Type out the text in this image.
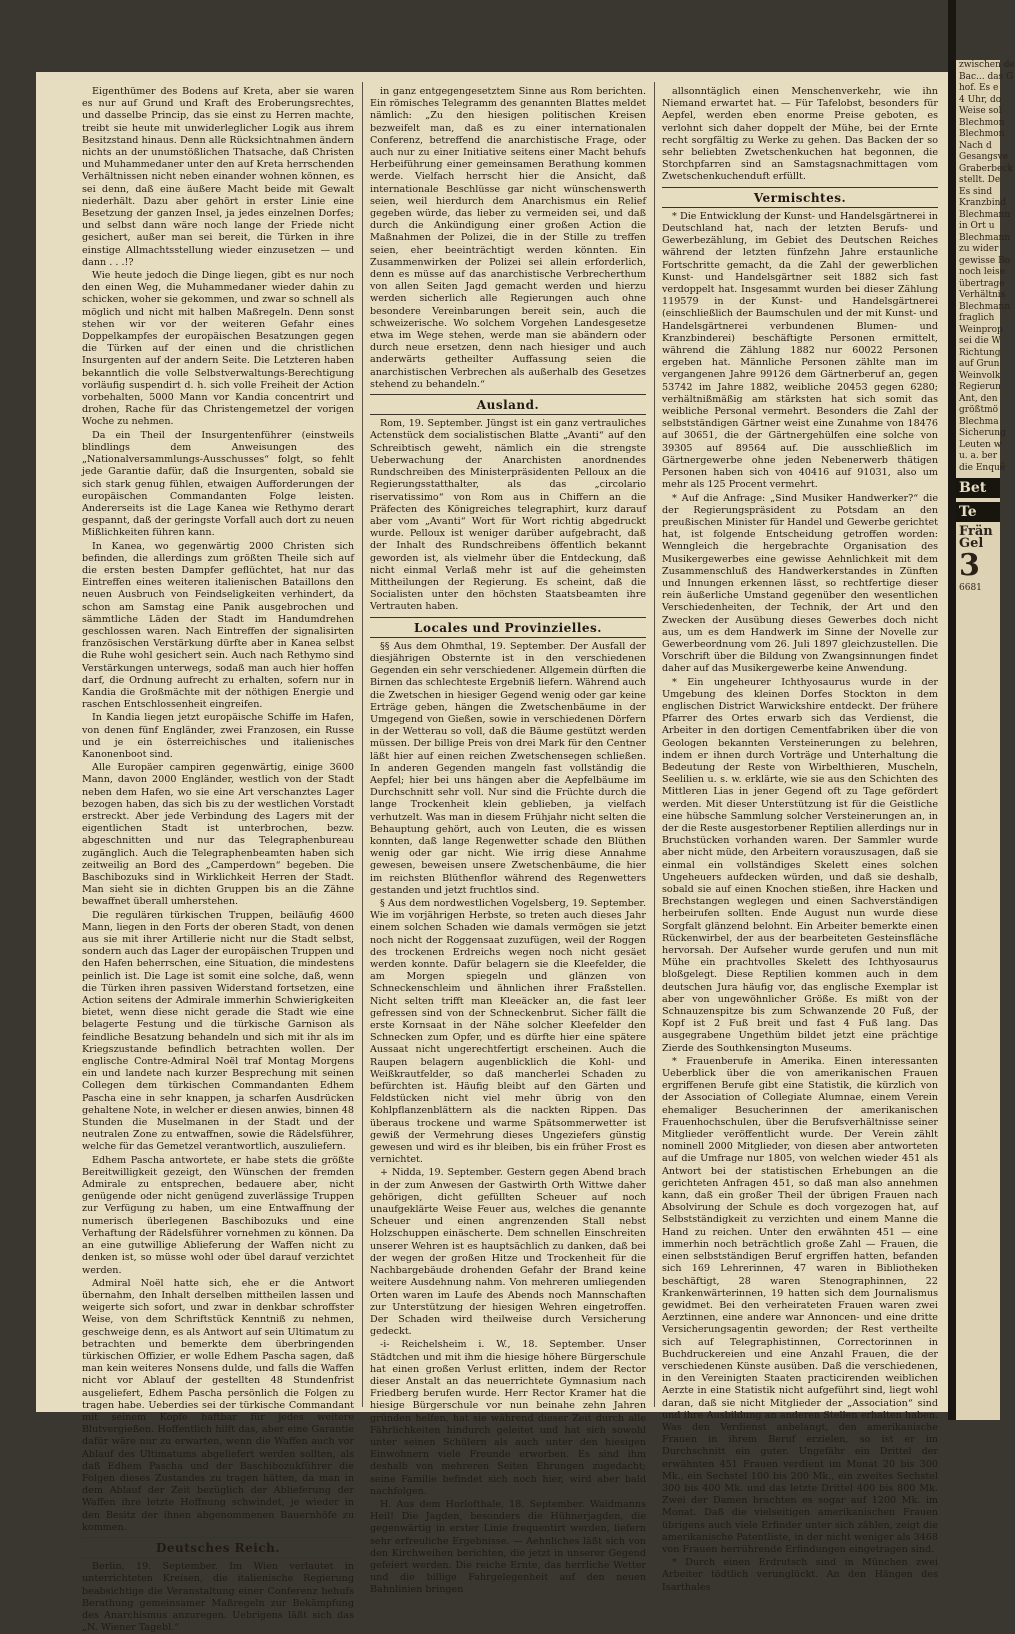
Eigenthümer des Bodens auf Kreta, aber sie waren es nur auf Grund und Kraft des Eroberungsrechtes, und dasselbe Princip, das sie einst zu Herren machte, treibt sie heute mit unwiderleglicher Logik aus ihrem Besitzstand hinaus. Denn alle Rücksichtnahmen ändern nichts an der unumstößlichen Thatsache, daß Christen und Muhammedaner unter den auf Kreta herrschenden Verhältnissen nicht neben einander wohnen können, es sei denn, daß eine äußere Macht beide mit Gewalt niederhält. Dazu aber gehört in erster Linie eine Besetzung der ganzen Insel, ja jedes einzelnen Dorfes; und selbst dann wäre noch lange der Friede nicht gesichert, außer man sei bereit, die Türken in ihre einstige Allmachtsstellung wieder einzusetzen — und dann . . .!?

Wie heute jedoch die Dinge liegen, gibt es nur noch den einen Weg, die Muhammedaner wieder dahin zu schicken, woher sie gekommen, und zwar so schnell als möglich und nicht mit halben Maßregeln. Denn sonst stehen wir vor der weiteren Gefahr eines Doppelkampfes der europäischen Besatzungen gegen die Türken auf der einen und die christlichen Insurgenten auf der andern Seite. Die Letzteren haben bekanntlich die volle Selbstverwaltungs-Berechtigung vorläufig suspendirt d. h. sich volle Freiheit der Action vorbehalten, 5000 Mann vor Kandia concentrirt und drohen, Rache für das Christengemetzel der vorigen Woche zu nehmen.

Da ein Theil der Insurgentenführer (einstweils blindlings dem Anweisungen des „Nationalversammlungs-Ausschusses“ folgt, so fehlt jede Garantie dafür, daß die Insurgenten, sobald sie sich stark genug fühlen, etwaigen Aufforderungen der europäischen Commandanten Folge leisten. Andererseits ist die Lage Kanea wie Rethymo derart gespannt, daß der geringste Vorfall auch dort zu neuen Mißlichkeiten führen kann.

In Kanea, wo gegenwärtig 2000 Christen sich befinden, die allerdings zum größten Theile sich auf die ersten besten Dampfer geflüchtet, hat nur das Eintreffen eines weiteren italienischen Bataillons den neuen Ausbruch von Feindseligkeiten verhindert, da schon am Samstag eine Panik ausgebrochen und sämmtliche Läden der Stadt im Handumdrehen geschlossen waren. Nach Eintreffen der signalisirten französischen Verstärkung dürfte aber in Kanea selbst die Ruhe wohl gesichert sein. Auch nach Rethymo sind Verstärkungen unterwegs, sodaß man auch hier hoffen darf, die Ordnung aufrecht zu erhalten, sofern nur in Kandia die Großmächte mit der nöthigen Energie und raschen Entschlossenheit eingreifen.

In Kandia liegen jetzt europäische Schiffe im Hafen, von denen fünf Engländer, zwei Franzosen, ein Russe und je ein österreichisches und italienisches Kanonenboot sind.

Alle Europäer campiren gegenwärtig, einige 3600 Mann, davon 2000 Engländer, westlich von der Stadt neben dem Hafen, wo sie eine Art verschanztes Lager bezogen haben, das sich bis zu der westlichen Vorstadt erstreckt. Aber jede Verbindung des Lagers mit der eigentlichen Stadt ist unterbrochen, bezw. abgeschnitten und nur das Telegraphenbureau zugänglich. Auch die Telegraphenbeamten haben sich zeitweilig an Bord des „Camperdown“ begeben. Die Baschibozuks sind in Wirklichkeit Herren der Stadt. Man sieht sie in dichten Gruppen bis an die Zähne bewaffnet überall umherstehen.

Die regulären türkischen Truppen, beiläufig 4600 Mann, liegen in den Forts der oberen Stadt, von denen aus sie mit ihrer Artillerie nicht nur die Stadt selbst, sondern auch das Lager der europäischen Truppen und den Hafen beherrschen, eine Situation, die mindestens peinlich ist. Die Lage ist somit eine solche, daß, wenn die Türken ihren passiven Widerstand fortsetzen, eine Action seitens der Admirale immerhin Schwierigkeiten bietet, wenn diese nicht gerade die Stadt wie eine belagerte Festung und die türkische Garnison als feindliche Besatzung behandeln und sich mit ihr als im Kriegszustande befindlich betrachten wollen. Der englische Contre-Admiral Noël traf Montag Morgens ein und landete nach kurzer Besprechung mit seinen Collegen dem türkischen Commandanten Edhem Pascha eine in sehr knappen, ja scharfen Ausdrücken gehaltene Note, in welcher er diesen anwies, binnen 48 Stunden die Muselmanen in der Stadt und der neutralen Zone zu entwaffnen, sowie die Rädelsführer, welche für das Gemetzel verantwortlich, auszuliefern.

Edhem Pascha antwortete, er habe stets die größte Bereitwilligkeit gezeigt, den Wünschen der fremden Admirale zu entsprechen, bedauere aber, nicht genügende oder nicht genügend zuverlässige Truppen zur Verfügung zu haben, um eine Entwaffnung der numerisch überlegenen Baschibozuks und eine Verhaftung der Rädelsführer vornehmen zu können. Da an eine gutwillige Ablieferung der Waffen nicht zu denken ist, so müsse wohl oder übel darauf verzichtet werden.

Admiral Noël hatte sich, ehe er die Antwort übernahm, den Inhalt derselben mittheilen lassen und weigerte sich sofort, und zwar in denkbar schroffster Weise, von dem Schriftstück Kenntniß zu nehmen, geschweige denn, es als Antwort auf sein Ultimatum zu betrachten und bemerkte dem überbringenden türkischen Offizier, er wolle Edhem Pascha sagen, daß man kein weiteres Nonsens dulde, und falls die Waffen nicht vor Ablauf der gestellten 48 Stundenfrist ausgeliefert, Edhem Pascha persönlich die Folgen zu tragen habe. Ueberdies sei der türkische Commandant mit seinem Kopfe haftbar für jedes weitere Blutvergießen. Hoffentlich hilft das, aber eine Garantie dafür wäre nur zu erwarten, wenn die Waffen auch vor Ablauf des Ultimatums abgeliefert werden sollten, als daß Edhem Pascha und der Baschibozukführer die Folgen dieses Zustandes zu tragen hätten, da man in dem Ablauf der Zeit bezüglich der Ablieferung der Waffen ihre letzte Hoffnung schwindet, je wieder in den Besitz der ihnen abgenommenen Bauernhöfe zu kommen.

Deutsches Reich.

Berlin, 19. September. Im Wien verlautet in unterrichteten Kreisen, die italienische Regierung beabsichtige die Veranstaltung einer Conferenz behufs Berathung gemeinsamer Maßregeln zur Bekämpfung des Anarchismus anzuregen. Uebrigens läßt sich das „N. Wiener Tagebl.“

in ganz entgegengesetztem Sinne aus Rom berichten. Ein römisches Telegramm des genannten Blattes meldet nämlich: „Zu den hiesigen politischen Kreisen bezweifelt man, daß es zu einer internationalen Conferenz, betreffend die anarchistische Frage, oder auch nur zu einer Initiative seitens einer Macht behufs Herbeiführung einer gemeinsamen Berathung kommen werde. Vielfach herrscht hier die Ansicht, daß internationale Beschlüsse gar nicht wünschenswerth seien, weil hierdurch dem Anarchismus ein Relief gegeben würde, das lieber zu vermeiden sei, und daß durch die Ankündigung einer großen Action die Maßnahmen der Polizei, die in der Stille zu treffen seien, eher beeinträchtigt werden könnten. Ein Zusammenwirken der Polizei sei allein erforderlich, denn es müsse auf das anarchistische Verbrecherthum von allen Seiten Jagd gemacht werden und hierzu werden sicherlich alle Regierungen auch ohne besondere Vereinbarungen bereit sein, auch die schweizerische. Wo solchem Vorgehen Landesgesetze etwa im Wege stehen, werde man sie abändern oder durch neue ersetzen, denn nach hiesiger und auch anderwärts getheilter Auffassung seien die anarchistischen Verbrechen als außerhalb des Gesetzes stehend zu behandeln.“

Ausland.

Rom, 19. September. Jüngst ist ein ganz vertrauliches Actenstück dem socialistischen Blatte „Avanti“ auf den Schreibtisch geweht, nämlich ein die strengste Ueberwachung der Anarchisten anordnendes Rundschreiben des Ministerpräsidenten Pelloux an die Regierungsstatthalter, als das „circolario riservatissimo“ von Rom aus in Chiffern an die Präfecten des Königreiches telegraphirt, kurz darauf aber vom „Avanti“ Wort für Wort richtig abgedruckt wurde. Pelloux ist weniger darüber aufgebracht, daß der Inhalt des Rundschreibens öffentlich bekannt geworden ist, als vielmehr über die Entdeckung, daß nicht einmal Verlaß mehr ist auf die geheimsten Mittheilungen der Regierung. Es scheint, daß die Socialisten unter den höchsten Staatsbeamten ihre Vertrauten haben.

Locales und Provinzielles.

§§ Aus dem Ohmthal, 19. September. Der Ausfall der diesjährigen Obsternte ist in den verschiedenen Gegenden ein sehr verschiedener. Allgemein dürften die Birnen das schlechteste Ergebniß liefern. Während auch die Zwetschen in hiesiger Gegend wenig oder gar keine Erträge geben, hängen die Zwetschenbäume in der Umgegend von Gießen, sowie in verschiedenen Dörfern in der Wetterau so voll, daß die Bäume gestützt werden müssen. Der billige Preis von drei Mark für den Centner läßt hier auf einen reichen Zwetschensegen schließen. In anderen Gegenden mangeln fast vollständig die Aepfel; hier bei uns hängen aber die Aepfelbäume im Durchschnitt sehr voll. Nur sind die Früchte durch die lange Trockenheit klein geblieben, ja vielfach verhutzelt. Was man in diesem Frühjahr nicht selten die Behauptung gehört, auch von Leuten, die es wissen konnten, daß lange Regenwetter schade den Blüthen wenig oder gar nicht. Wie irrig diese Annahme gewesen, beweisen unsere Zwetschenbäume, die hier im reichsten Blüthenflor während des Regenwetters gestanden und jetzt fruchtlos sind.

§ Aus dem nordwestlichen Vogelsberg, 19. September. Wie im vorjährigen Herbste, so treten auch dieses Jahr einem solchen Schaden wie damals vermögen sie jetzt noch nicht der Roggensaat zuzufügen, weil der Roggen des trockenen Erdreichs wegen noch nicht gesäet werden konnte. Dafür belagern sie die Kleefelder, die am Morgen spiegeln und glänzen von Schneckenschleim und ähnlichen ihrer Fraßstellen. Nicht selten trifft man Kleeäcker an, die fast leer gefressen sind von der Schneckenbrut. Sicher fällt die erste Kornsaat in der Nähe solcher Kleefelder den Schnecken zum Opfer, und es dürfte hier eine spätere Aussaat nicht ungerechtfertigt erscheinen. Auch die Raupen belagern augenblicklich die Kohl- und Weißkrautfelder, so daß mancherlei Schaden zu befürchten ist. Häufig bleibt auf den Gärten und Feldstücken nicht viel mehr übrig von den Kohlpflanzenblättern als die nackten Rippen. Das überaus trockene und warme Spätsommerwetter ist gewiß der Vermehrung dieses Ungeziefers günstig gewesen und wird es ihr bleiben, bis ein früher Frost es vernichtet.

+ Nidda, 19. September. Gestern gegen Abend brach in der zum Anwesen der Gastwirth Orth Wittwe daher gehörigen, dicht gefüllten Scheuer auf noch unaufgeklärte Weise Feuer aus, welches die genannte Scheuer und einen angrenzenden Stall nebst Holzschuppen einäscherte. Dem schnellen Einschreiten unserer Wehren ist es hauptsächlich zu danken, daß bei der wegen der großen Hitze und Trockenheit für die Nachbargebäude drohenden Gefahr der Brand keine weitere Ausdehnung nahm. Von mehreren umliegenden Orten waren im Laufe des Abends noch Mannschaften zur Unterstützung der hiesigen Wehren eingetroffen. Der Schaden wird theilweise durch Versicherung gedeckt.

-i- Reichelsheim i. W., 18. September. Unser Städtchen und mit ihm die hiesige höhere Bürgerschule hat einen großen Verlust erlitten, indem der Rector dieser Anstalt an das neuerrichtete Gymnasium nach Friedberg berufen wurde. Herr Rector Kramer hat die hiesige Bürgerschule vor nun beinahe zehn Jahren gründen helfen, hat sie während dieser Zeit durch alle Fährlichkeiten hindurch geleitet und hat sich sowohl unter seinen Schülern als auch unter den hiesigen Einwohnern viele Freunde erworben. Es sind ihm deshalb von mehreren Seiten Ehrungen zugedacht; seine Familie befindet sich noch hier, wird aber bald nachfolgen.

H. Aus dem Horlofthale, 18. September. Waidmanns Heil! Die Jagden, besonders die Hühnerjagden, die gegenwärtig in erster Linie frequentirt werden, liefern sehr erfreuliche Ergebnisse. — Aehnliches läßt sich von den Kirchweihen berichten, die jetzt in unserer Gegend gefeiert werden. Die reiche Ernte, das herrliche Wetter und die billige Fahrgelegenheit auf den neuen Bahnlinien bringen

allsonntäglich einen Menschenverkehr, wie ihn Niemand erwartet hat. — Für Tafelobst, besonders für Aepfel, werden eben enorme Preise geboten, es verlohnt sich daher doppelt der Mühe, bei der Ernte recht sorgfältig zu Werke zu gehen. Das Backen der so sehr beliebten Zwetschenkuchen hat begonnen, die Storchpfarren sind an Samstagsnachmittagen vom Zwetschenkuchenduft erfüllt.

Vermischtes.

* Die Entwicklung der Kunst- und Handelsgärtnerei in Deutschland hat, nach der letzten Berufs- und Gewerbezählung, im Gebiet des Deutschen Reiches während der letzten fünfzehn Jahre erstaunliche Fortschritte gemacht, da die Zahl der gewerblichen Kunst- und Handelsgärtner seit 1882 sich fast verdoppelt hat. Insgesammt wurden bei dieser Zählung 119579 in der Kunst- und Handelsgärtnerei (einschließlich der Baumschulen und der mit Kunst- und Handelsgärtnerei verbundenen Blumen- und Kranzbinderei) beschäftigte Personen ermittelt, während die Zählung 1882 nur 60022 Personen ergeben hat. Männliche Personen zählte man im vergangenen Jahre 99126 dem Gärtnerberuf an, gegen 53742 im Jahre 1882, weibliche 20453 gegen 6280; verhältnißmäßig am stärksten hat sich somit das weibliche Personal vermehrt. Besonders die Zahl der selbstständigen Gärtner weist eine Zunahme von 18476 auf 30651, die der Gärtnergehülfen eine solche von 39305 auf 89564 auf. Die ausschließlich im Gärtnergewerbe ohne jeden Nebenerwerb thätigen Personen haben sich von 40416 auf 91031, also um mehr als 125 Procent vermehrt.

* Auf die Anfrage: „Sind Musiker Handwerker?“ die der Regierungspräsident zu Potsdam an den preußischen Minister für Handel und Gewerbe gerichtet hat, ist folgende Entscheidung getroffen worden: Wenngleich die hergebrachte Organisation des Musikergewerbes eine gewisse Aehnlichkeit mit dem Zusammenschluß des Handwerkerstandes in Zünften und Innungen erkennen lässt, so rechtfertige dieser rein äußerliche Umstand gegenüber den wesentlichen Verschiedenheiten, der Technik, der Art und den Zwecken der Ausübung dieses Gewerbes doch nicht aus, um es dem Handwerk im Sinne der Novelle zur Gewerbeordnung vom 26. Juli 1897 gleichzustellen. Die Vorschrift über die Bildung von Zwangsinnungen findet daher auf das Musikergewerbe keine Anwendung.

* Ein ungeheurer Ichthyosaurus wurde in der Umgebung des kleinen Dorfes Stockton in dem englischen District Warwickshire entdeckt. Der frühere Pfarrer des Ortes erwarb sich das Verdienst, die Arbeiter in den dortigen Cementfabriken über die von Geologen bekannten Versteinerungen zu belehren, indem er ihnen durch Vorträge und Unterhaltung die Bedeutung der Reste von Wirbelthieren, Muscheln, Seelilien u. s. w. erklärte, wie sie aus den Schichten des Mittleren Lias in jener Gegend oft zu Tage gefördert werden. Mit dieser Unterstützung ist für die Geistliche eine hübsche Sammlung solcher Versteinerungen an, in der die Reste ausgestorbener Reptilien allerdings nur in Bruchstücken vorhanden waren. Der Sammler wurde aber nicht müde, den Arbeitern vorauszusagen, daß sie einmal ein vollständiges Skelett eines solchen Ungeheuers aufdecken würden, und daß sie deshalb, sobald sie auf einen Knochen stießen, ihre Hacken und Brechstangen weglegen und einen Sachverständigen herbeirufen sollten. Ende August nun wurde diese Sorgfalt glänzend belohnt. Ein Arbeiter bemerkte einen Rückenwirbel, der aus der bearbeiteten Gesteinsfläche hervorsah. Der Aufseher wurde gerufen und nun mit Mühe ein prachtvolles Skelett des Ichthyosaurus bloßgelegt. Diese Reptilien kommen auch in dem deutschen Jura häufig vor, das englische Exemplar ist aber von ungewöhnlicher Größe. Es mißt von der Schnauzenspitze bis zum Schwanzende 20 Fuß, der Kopf ist 2 Fuß breit und fast 4 Fuß lang. Das ausgegrabene Ungethüm bildet jetzt eine prächtige Zierde des Southkensington Museums.

* Frauenberufe in Amerika. Einen interessanten Ueberblick über die von amerikanischen Frauen ergriffenen Berufe gibt eine Statistik, die kürzlich von der Association of Collegiate Alumnae, einem Verein ehemaliger Besucherinnen der amerikanischen Frauenhochschulen, über die Berufsverhältnisse seiner Mitglieder veröffentlicht wurde. Der Verein zählt nominell 2000 Mitglieder, von diesen aber antworteten auf die Umfrage nur 1805, von welchen wieder 451 als Antwort bei der statistischen Erhebungen an die gerichteten Anfragen 451, so daß man also annehmen kann, daß ein großer Theil der übrigen Frauen nach Absolvirung der Schule es doch vorgezogen hat, auf Selbstständigkeit zu verzichten und einem Manne die Hand zu reichen. Unter den erwähnten 451 — eine immerhin noch beträchtlich große Zahl — Frauen, die einen selbstständigen Beruf ergriffen hatten, befanden sich 169 Lehrerinnen, 47 waren in Bibliotheken beschäftigt, 28 waren Stenographinnen, 22 Krankenwärterinnen, 19 hatten sich dem Journalismus gewidmet. Bei den verheirateten Frauen waren zwei Aerztinnen, eine andere war Annoncen- und eine dritte Versicherungsagentin geworden; der Rest vertheilte sich auf Telegraphistinnen, Correctorinnen in Buchdruckereien und eine Anzahl Frauen, die der verschiedenen Künste ausüben. Daß die verschiedenen, in den Vereinigten Staaten practicirenden weiblichen Aerzte in eine Statistik nicht aufgeführt sind, liegt wohl daran, daß sie nicht Mitglieder der „Association“ sind und ihre Ausbildung an anderen Stellen erhalten haben. Was den Verdienst anbelangt, den amerikanische Frauen in ihrem Beruf erzielen, so ist er im Durchschnitt ein guter. Ungefähr ein Drittel der erwähnten 451 Frauen verdient im Monat 20 bis 300 Mk., ein Sechstel 100 bis 200 Mk., ein zweites Sechstel 300 bis 400 Mk. und das letzte Drittel 400 bis 800 Mk. Zwei der Damen brachten es sogar auf 1200 Mk. im Monat. Daß die vielseitigen amerikanischen Frauen übrigens auch viele Erfinder unter sich zählen, zeigt die amerikanische Patentliste, in der nicht weniger als 3468 von Frauen herrührende Erfindungen eingetragen sind.

* Durch einen Erdrutsch sind in München zwei Arbeiter tödtlich verunglückt. An den Hängen des Isarthales

zwischen de
Bac... das G
hof. Es e
4 Uhr, do
Weise sol
Blechmon
Blechmon
Nach d
Gesangsve
Graberbeck
stellt. De
Es sind
Kranzbind
Blechmann
in Ort u
Blechmann
zu wider
gewisse Bo
noch leise
übertrage
Verhältnis
Blechmann
fraglich
Weinprop
sei die W
Richtung
auf Grun
Weinvolk
Regierun
Ant, den
größtmö
Blechma
Sicherung
Leuten w
u. a. ber
die Enquê
Bet
Te
Frän
Gel
3
6681
